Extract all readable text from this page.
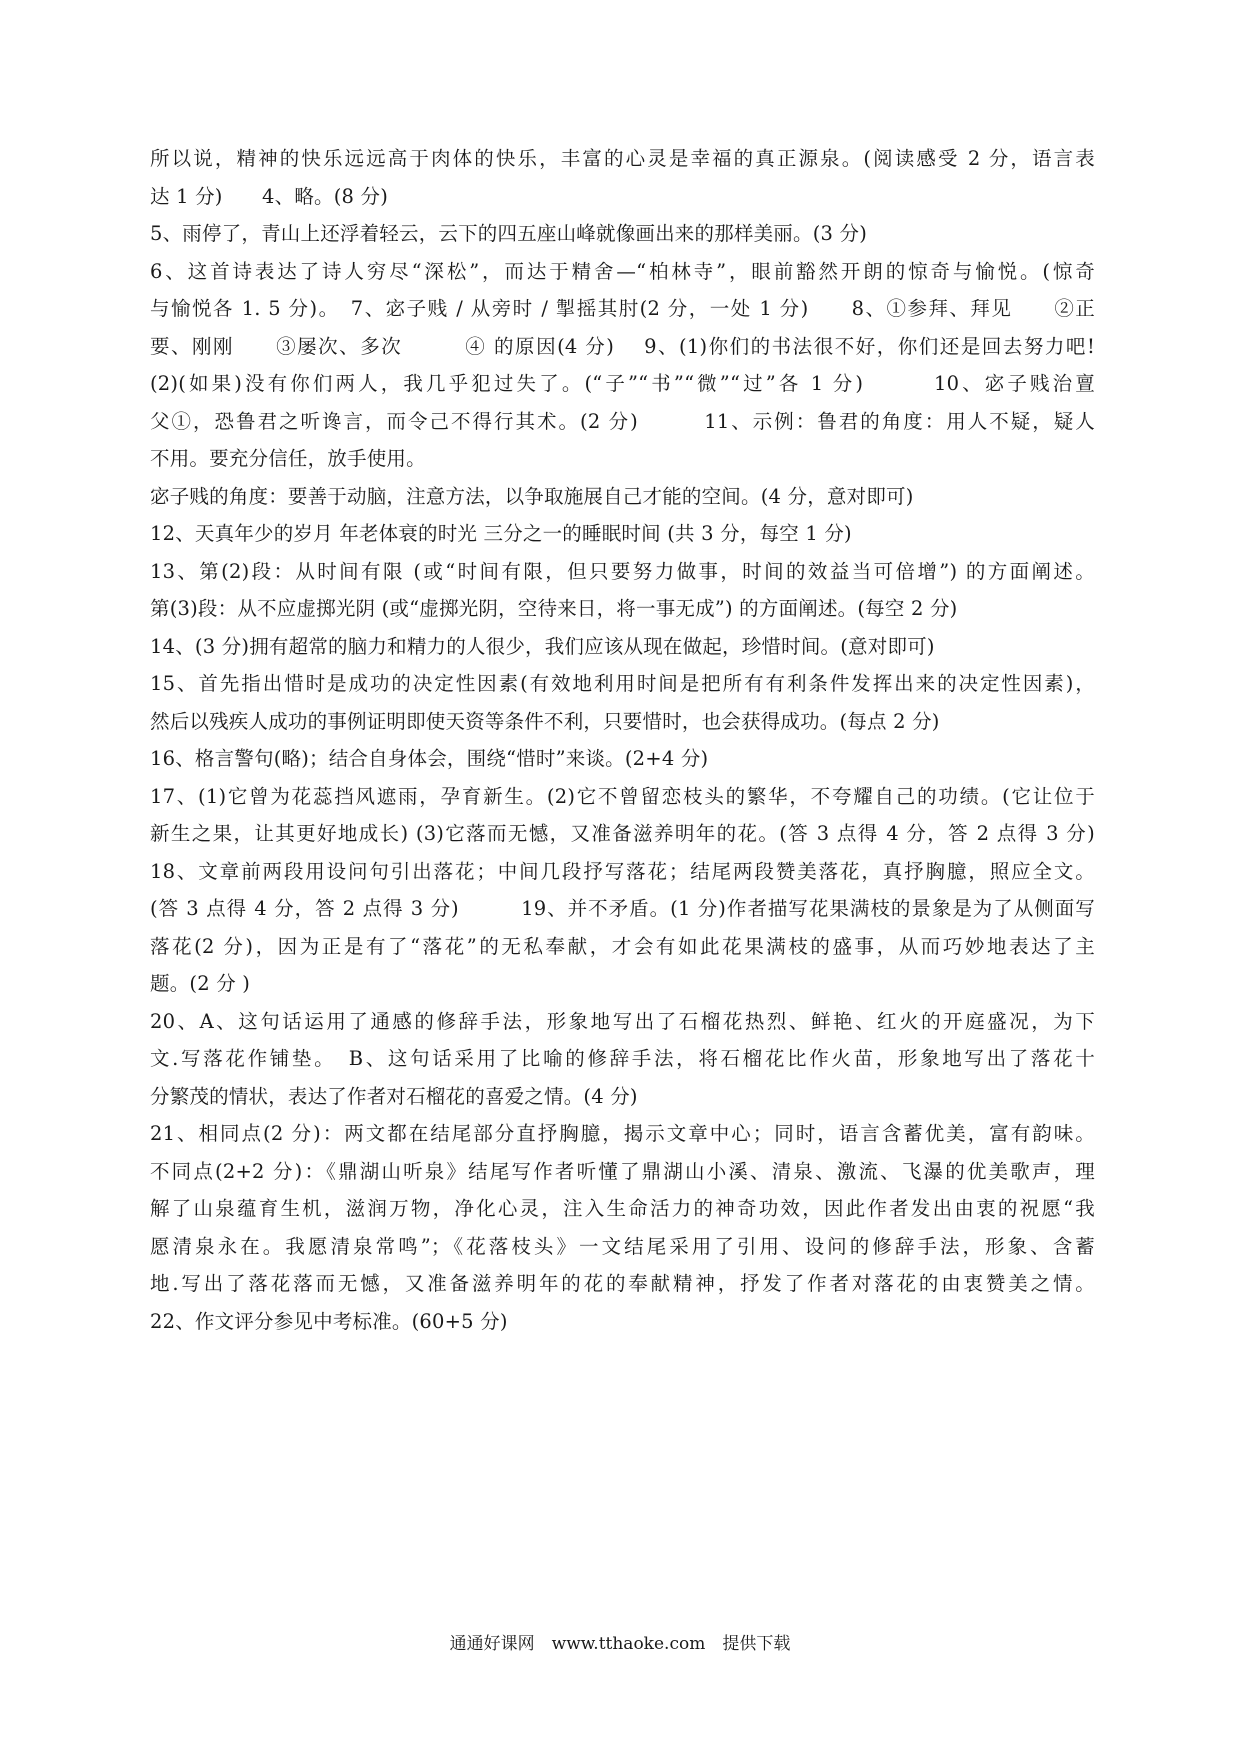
所以说，精神的快乐远远高于肉体的快乐，丰富的心灵是幸福的真正源泉。(阅读感受 2 分，语言表
达 1 分)　　4、略。(8 分)
5、雨停了，青山上还浮着轻云，云下的四五座山峰就像画出来的那样美丽。(3 分)
6、这首诗表达了诗人穷尽“深松”，而达于精舍—“柏林寺”，眼前豁然开朗的惊奇与愉悦。(惊奇
与愉悦各 1. 5 分)。　7、宓子贱 / 从旁时 / 掣摇其肘(2 分，一处 1 分)　　8、①参拜、拜见　　②正
要、刚刚　　③屡次、多次　　　④ 的原因(4 分)　 9、(1)你们的书法很不好，你们还是回去努力吧!
(2)(如果)没有你们两人，我几乎犯过失了。(“子”“书”“微”“过”各 1 分)　　　10、宓子贱治亶
父①，恐鲁君之听谗言，而令己不得行其术。(2 分)　　　11、示例：鲁君的角度：用人不疑，疑人
不用。要充分信任，放手使用。
宓子贱的角度：要善于动脑，注意方法，以争取施展自己才能的空间。(4 分，意对即可)
12、天真年少的岁月 年老体衰的时光 三分之一的睡眠时间 (共 3 分，每空 1 分)
13、第(2)段：从时间有限 (或“时间有限，但只要努力做事，时间的效益当可倍增”) 的方面阐述。
第(3)段：从不应虚掷光阴 (或“虚掷光阴，空待来日，将一事无成”) 的方面阐述。(每空 2 分)
14、(3 分)拥有超常的脑力和精力的人很少，我们应该从现在做起，珍惜时间。(意对即可)
15、首先指出惜时是成功的决定性因素(有效地利用时间是把所有有利条件发挥出来的决定性因素)，
然后以残疾人成功的事例证明即使天资等条件不利，只要惜时，也会获得成功。(每点 2 分)
16、格言警句(略)；结合自身体会，围绕“惜时”来谈。(2+4 分)
17、(1)它曾为花蕊挡风遮雨，孕育新生。(2)它不曾留恋枝头的繁华，不夸耀自己的功绩。(它让位于
新生之果，让其更好地成长) (3)它落而无憾，又准备滋养明年的花。(答 3 点得 4 分，答 2 点得 3 分)
18、文章前两段用设问句引出落花；中间几段抒写落花；结尾两段赞美落花，真抒胸臆，照应全文。
(答 3 点得 4 分，答 2 点得 3 分)　　　19、并不矛盾。(1 分)作者描写花果满枝的景象是为了从侧面写
落花(2 分)，因为正是有了“落花”的无私奉献，才会有如此花果满枝的盛事，从而巧妙地表达了主
题。(2 分 )
20、A、这句话运用了通感的修辞手法，形象地写出了石榴花热烈、鲜艳、红火的开庭盛况，为下
文.写落花作铺垫。　B、这句话采用了比喻的修辞手法，将石榴花比作火苗，形象地写出了落花十
分繁茂的情状，表达了作者对石榴花的喜爱之情。(4 分)
21、相同点(2 分)：两文都在结尾部分直抒胸臆，揭示文章中心；同时，语言含蓄优美，富有韵味。
不同点(2+2 分)：《鼎湖山听泉》结尾写作者听懂了鼎湖山小溪、清泉、激流、飞瀑的优美歌声，理
解了山泉蕴育生机，滋润万物，净化心灵，注入生命活力的神奇功效，因此作者发出由衷的祝愿“我
愿清泉永在。我愿清泉常鸣”；《花落枝头》一文结尾采用了引用、设问的修辞手法，形象、含蓄
地.写出了落花落而无憾，又准备滋养明年的花的奉献精神，抒发了作者对落花的由衷赞美之情。
22、作文评分参见中考标准。(60+5 分)
通通好课网　www.tthaoke.com　提供下载
